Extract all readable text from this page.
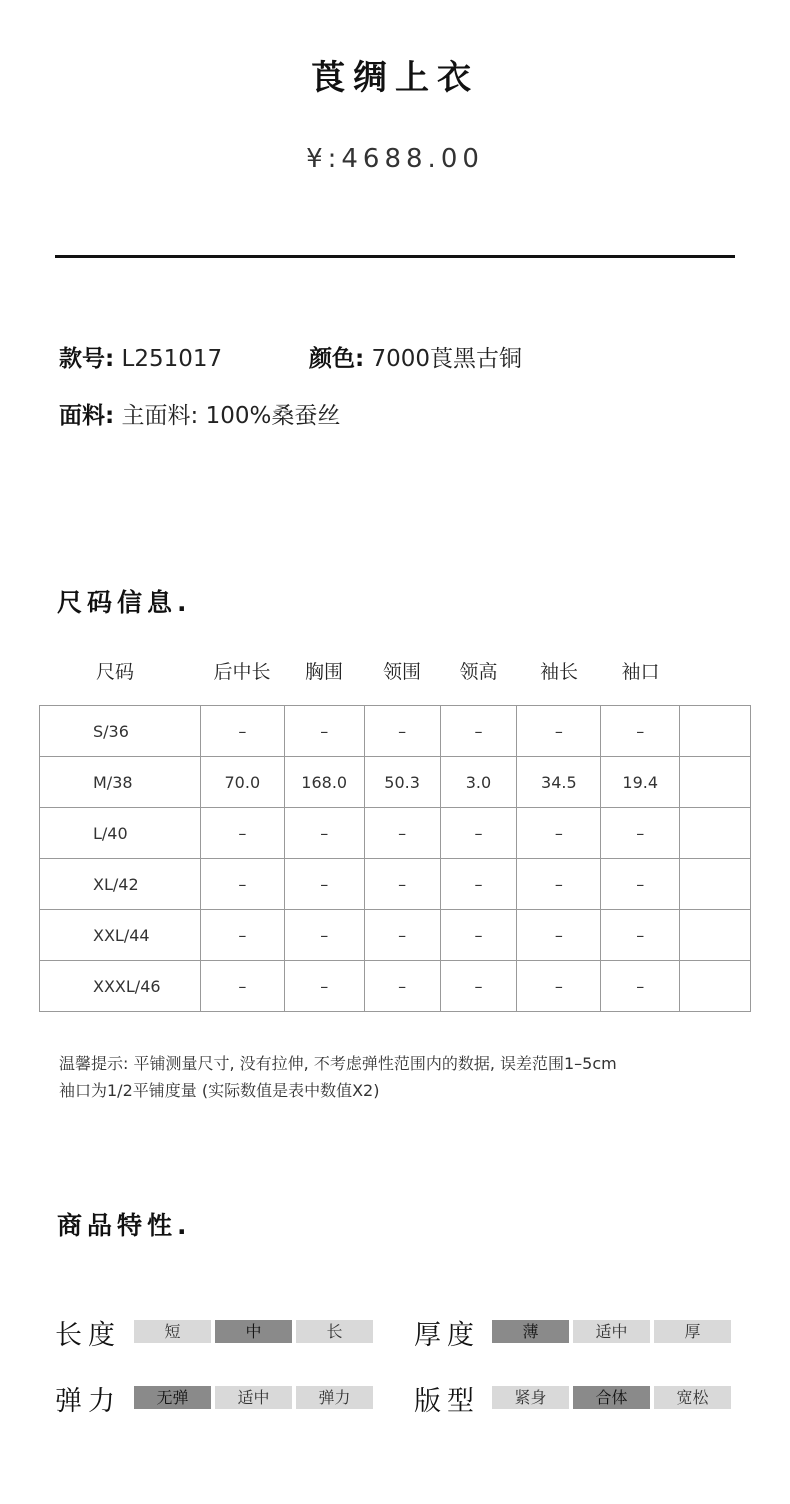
莨绸上衣
¥:4688.00
款号: L251017	颜色: 7000莨黑古铜
面料: 主面料: 100%桑蚕丝
尺码信息.
尺码	后中长	胸围	领围	领高	袖长	袖口
S/36	–	–	–	–	–	–	
M/38	70.0	168.0	50.3	3.0	34.5	19.4	
L/40	–	–	–	–	–	–	
XL/42	–	–	–	–	–	–	
XXL/44	–	–	–	–	–	–	
XXXL/46	–	–	–	–	–	–	
温馨提示: 平铺测量尺寸, 没有拉伸, 不考虑弹性范围内的数据, 误差范围1–5cm
袖口为1/2平铺度量 (实际数值是表中数值X2)
商品特性.
长度	短	中	长	厚度	薄	适中	厚
弹力	无弹	适中	弹力	版型	紧身	合体	宽松
